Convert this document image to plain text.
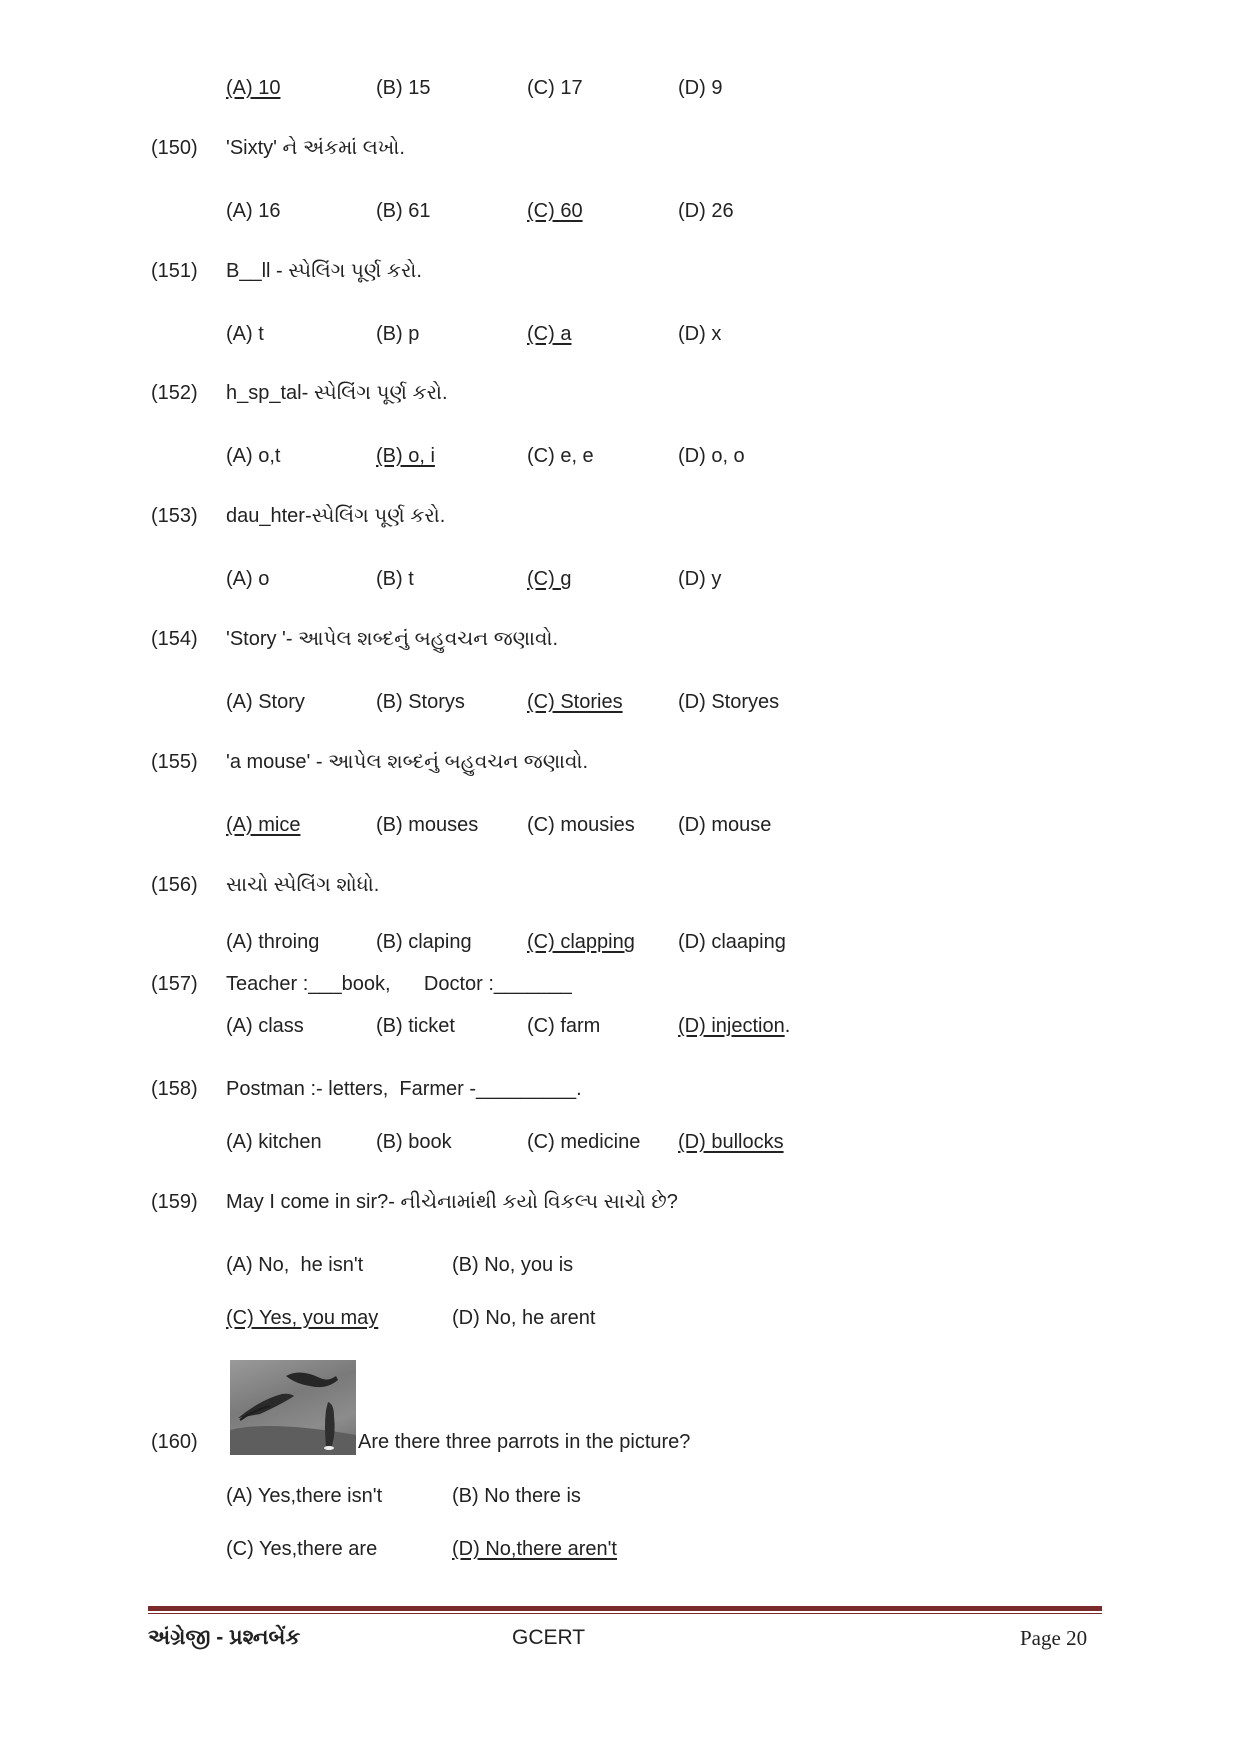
(A) 10	(B) 15	(C) 17	(D) 9
(150) 'Sixty' ને અંકમાં લખો.
(A) 16	(B) 61	(C) 60	(D) 26
(151) B__ll - સ્પેલિંગ પૂર્ણ કરો.
(A) t	(B) p	(C) a	(D) x
(152) h_sp_tal- સ્પેલિંગ પૂર્ણ કરો.
(A) o,t	(B) o, i	(C) e, e	(D) o, o
(153) dau_hter-સ્પેલિંગ પૂર્ણ કરો.
(A) o	(B) t	(C) g	(D) y
(154) 'Story '- આપેલ શબ્દનું બહુવચન જણાવો.
(A) Story	(B) Storys	(C) Stories	(D) Storyes
(155) 'a mouse' - આપેલ શબ્દનું બહુવચન જણાવો.
(A) mice	(B) mouses (C) mousies (D) mouse
(156) સાચો સ્પેલિંગ શોધો.
(A) throing	(B) claping	(C) clapping (D) claaping
(157) Teacher :___book,      Doctor :_______
(A) class	(B) ticket	(C) farm	(D) injection.
(158) Postman :- letters,  Farmer -_________.
(A) kitchen	(B) book	(C) medicine (D) bullocks
(159) May I come in sir?- નીચેનામાંથી કયો વિકલ્પ સાચો છે?
(A) No,  he isn't	(B) No, you is
(C) Yes, you may	(D) No, he arent
(160)	Are there three parrots in the picture?
(A) Yes,there isn't	(B) No there is
(C) Yes,there are	(D) No,there aren't
અંગ્રેજી - પ્રશ્નબેંક	GCERT	Page 20
